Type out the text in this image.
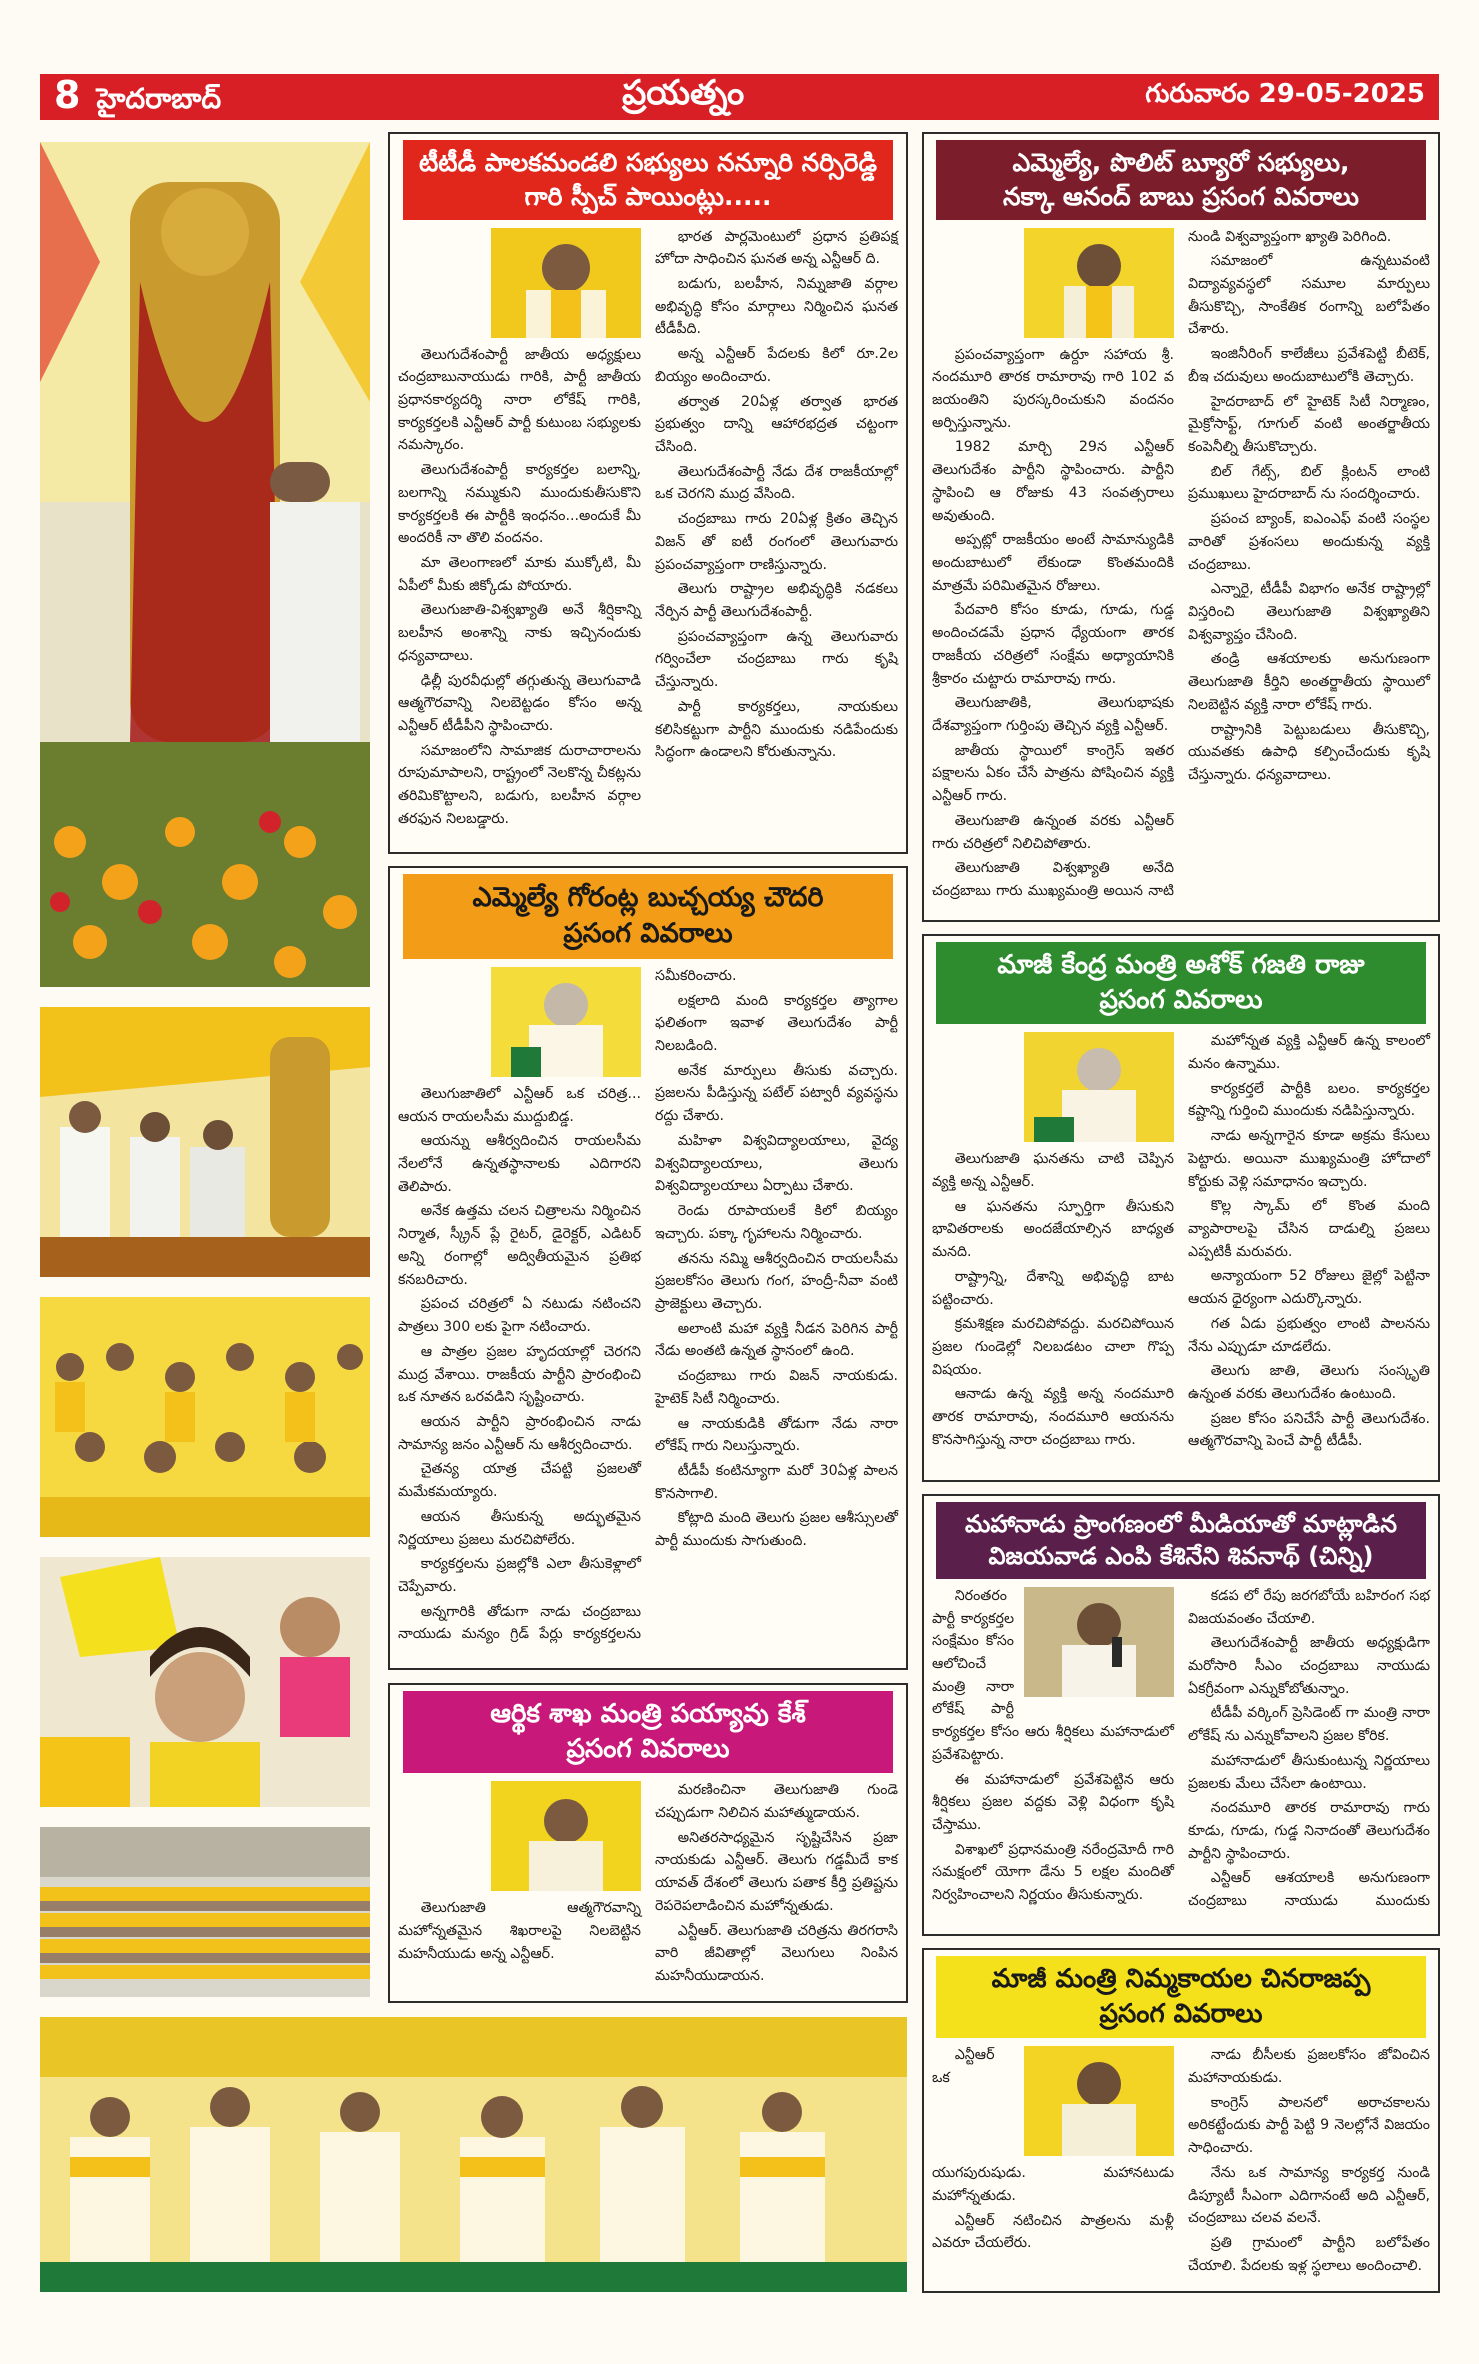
8 హైదరాబాద్	ప్రయత్నం	గురువారం 29-05-2025
టీటీడీ పాలకమండలి సభ్యులు నన్నూరి నర్సిరెడ్డి
గారి స్పీచ్ పాయింట్లు.....

తెలుగుదేశంపార్టీ జాతీయ అధ్యక్షులు చంద్రబాబునాయుడు గారికి, పార్టీ జాతీయ ప్రధానకార్యదర్శి నారా లోకేష్ గారికి, కార్యకర్తలకి ఎన్టీఆర్ పార్టీ కుటుంబ సభ్యులకు నమస్కారం.

తెలుగుదేశంపార్టీ కార్యకర్తల బలాన్ని, బలగాన్ని నమ్ముకుని ముందుకుతీసుకొని కార్యకర్తలకి ఈ పార్టీకి ఇంధనం...అందుకే మీ అందరికీ నా తొలి వందనం.

మా తెలంగాణలో మాకు ముక్కోటి, మీ ఏపీలో మీకు జిక్కోడు పోయారు.

తెలుగుజాతి-విశ్వఖ్యాతి అనే శీర్షికాన్ని బలహీన అంశాన్ని నాకు ఇచ్చినందుకు ధన్యవాదాలు.

ఢిల్లీ పురవీధుల్లో తగ్గుతున్న తెలుగువాడి ఆత్మగౌరవాన్ని నిలబెట్టడం కోసం అన్న ఎన్టీఆర్ టీడీపీని స్థాపించారు.

సమాజంలోని సామాజిక దురాచారాలను రూపుమాపాలని, రాష్ట్రంలో నెలకొన్న చీకట్లను తరిమికొట్టాలని, బడుగు, బలహీన వర్గాల తరఫున నిలబడ్డారు.

భారత పార్లమెంటులో ప్రధాన ప్రతిపక్ష హోదా సాధించిన ఘనత అన్న ఎన్టీఆర్ ది.

బడుగు, బలహీన, నిమ్నజాతి వర్గాల అభివృద్ధి కోసం మార్గాలు నిర్మించిన ఘనత టీడీపీది.

అన్న ఎన్టీఆర్ పేదలకు కిలో రూ.2ల బియ్యం అందించారు.

తర్వాత 20ఏళ్ల తర్వాత భారత ప్రభుత్వం దాన్ని ఆహారభద్రత చట్టంగా చేసింది.

తెలుగుదేశంపార్టీ నేడు దేశ రాజకీయాల్లో ఒక చెరగని ముద్ర వేసింది.

చంద్రబాబు గారు 20ఏళ్ల క్రితం తెచ్చిన విజన్ తో ఐటీ రంగంలో తెలుగువారు ప్రపంచవ్యాప్తంగా రాణిస్తున్నారు.

తెలుగు రాష్ట్రాల అభివృద్ధికి నడకలు నేర్పిన పార్టీ తెలుగుదేశంపార్టీ.

ప్రపంచవ్యాప్తంగా ఉన్న తెలుగువారు గర్వించేలా చంద్రబాబు గారు కృషి చేస్తున్నారు.

పార్టీ కార్యకర్తలు, నాయకులు కలిసికట్టుగా పార్టీని ముందుకు నడిపేందుకు సిద్ధంగా ఉండాలని కోరుతున్నాను.

ఎమ్మెల్యే గోరంట్ల బుచ్చయ్య చౌదరి
ప్రసంగ వివరాలు

తెలుగుజాతిలో ఎన్టీఆర్ ఒక చరిత్ర... ఆయన రాయలసీమ ముద్దుబిడ్డ.

ఆయన్ను ఆశీర్వదించిన రాయలసీమ నేలలోనే ఉన్నతస్థానాలకు ఎదిగారని తెలిపారు.

అనేక ఉత్తమ చలన చిత్రాలను నిర్మించిన నిర్మాత, స్క్రీన్ ప్లే రైటర్, డైరెక్టర్, ఎడిటర్ అన్ని రంగాల్లో అద్వితీయమైన ప్రతిభ కనబరిచారు.

ప్రపంచ చరిత్రలో ఏ నటుడు నటించని పాత్రలు 300 లకు పైగా నటించారు.

ఆ పాత్రల ప్రజల హృదయాల్లో చెరగని ముద్ర వేశాయి. రాజకీయ పార్టీని ప్రారంభించి ఒక నూతన ఒరవడిని సృష్టించారు.

ఆయన పార్టీని ప్రారంభించిన నాడు సామాన్య జనం ఎన్టీఆర్ ను ఆశీర్వదించారు.

చైతన్య యాత్ర చేపట్టి ప్రజలతో మమేకమయ్యారు.

ఆయన తీసుకున్న అద్భుతమైన నిర్ణయాలు ప్రజలు మరచిపోలేరు.

కార్యకర్తలను ప్రజల్లోకి ఎలా తీసుకెళ్లాలో చెప్పేవారు.

అన్నగారికి తోడుగా నాడు చంద్రబాబు నాయుడు మన్యం గ్రిడ్ పేర్లు కార్యకర్తలను సమీకరించారు.

లక్షలాది మంది కార్యకర్తల త్యాగాల ఫలితంగా ఇవాళ తెలుగుదేశం పార్టీ నిలబడింది.

అనేక మార్పులు తీసుకు వచ్చారు. ప్రజలను పీడిస్తున్న పటేల్ పట్వారీ వ్యవస్థను రద్దు చేశారు.

మహిళా విశ్వవిద్యాలయాలు, వైద్య విశ్వవిద్యాలయాలు, తెలుగు విశ్వవిద్యాలయాలు ఏర్పాటు చేశారు.

రెండు రూపాయలకే కిలో బియ్యం ఇచ్చారు. పక్కా గృహాలను నిర్మించారు.

తనను నమ్మి ఆశీర్వదించిన రాయలసీమ ప్రజలకోసం తెలుగు గంగ, హంద్రీ-నీవా వంటి ప్రాజెక్టులు తెచ్చారు.

అలాంటి మహా వ్యక్తి నీడన పెరిగిన పార్టీ నేడు అంతటి ఉన్నత స్థానంలో ఉంది.

చంద్రబాబు గారు విజన్ నాయకుడు. హైటెక్ సిటీ నిర్మించారు.

ఆ నాయకుడికి తోడుగా నేడు నారా లోకేష్ గారు నిలుస్తున్నారు.

టీడీపీ కంటిన్యూగా మరో 30ఏళ్ల పాలన కొనసాగాలి.

కోట్లాది మంది తెలుగు ప్రజల ఆశీస్సులతో పార్టీ ముందుకు సాగుతుంది.

ఆర్థిక శాఖ మంత్రి పయ్యావు కేశ్
ప్రసంగ వివరాలు

తెలుగుజాతి ఆత్మగౌరవాన్ని మహోన్నతమైన శిఖరాలపై నిలబెట్టిన మహనీయుడు అన్న ఎన్టీఆర్.

మరణించినా తెలుగుజాతి గుండె చప్పుడుగా నిలిచిన మహాత్ముడాయన.

అనితరసాధ్యమైన సృష్టిచేసిన ప్రజా నాయకుడు ఎన్టీఆర్. తెలుగు గడ్డమీదే కాక యావత్ దేశంలో తెలుగు పతాక కీర్తి ప్రతిష్టను రెపరెపలాడించిన మహోన్నతుడు.

ఎన్టీఆర్. తెలుగుజాతి చరిత్రను తిరగరాసి వారి జీవితాల్లో వెలుగులు నింపిన మహనీయుడాయన.

ఎమ్మెల్యే, పొలిట్ బ్యూరో సభ్యులు,
నక్కా ఆనంద్ బాబు ప్రసంగ వివరాలు

ప్రపంచవ్యాప్తంగా ఉర్దూ సహాయ శ్రీ. నందమూరి తారక రామారావు గారి 102 వ జయంతిని పురస్కరించుకుని వందనం అర్పిస్తున్నాను.

1982 మార్చి 29న ఎన్టీఆర్ తెలుగుదేశం పార్టీని స్థాపించారు. పార్టీని స్థాపించి ఆ రోజుకు 43 సంవత్సరాలు అవుతుంది.

అప్పట్లో రాజకీయం అంటే సామాన్యుడికి అందుబాటులో లేకుండా కొంతమందికి మాత్రమే పరిమితమైన రోజులు.

పేదవారి కోసం కూడు, గూడు, గుడ్డ అందించడమే ప్రధాన ధ్యేయంగా తారక రాజకీయ చరిత్రలో సంక్షేమ అధ్యాయానికి శ్రీకారం చుట్టారు రామారావు గారు.

తెలుగుజాతికి, తెలుగుభాషకు దేశవ్యాప్తంగా గుర్తింపు తెచ్చిన వ్యక్తి ఎన్టీఆర్.

జాతీయ స్థాయిలో కాంగ్రెస్ ఇతర పక్షాలను ఏకం చేసే పాత్రను పోషించిన వ్యక్తి ఎన్టీఆర్ గారు.

తెలుగుజాతి ఉన్నంత వరకు ఎన్టీఆర్ గారు చరిత్రలో నిలిచిపోతారు.

తెలుగుజాతి విశ్వఖ్యాతి అనేది చంద్రబాబు గారు ముఖ్యమంత్రి అయిన నాటి నుండి విశ్వవ్యాప్తంగా ఖ్యాతి పెరిగింది.

సమాజంలో ఉన్నటువంటి విద్యావ్యవస్థలో సమూల మార్పులు తీసుకొచ్చి, సాంకేతిక రంగాన్ని బలోపేతం చేశారు.

ఇంజినీరింగ్ కాలేజీలు ప్రవేశపెట్టి బీటెక్, బీఇ చదువులు అందుబాటులోకి తెచ్చారు.

హైదరాబాద్ లో హైటెక్ సిటీ నిర్మాణం, మైక్రోసాఫ్ట్, గూగుల్ వంటి అంతర్జాతీయ కంపెనీల్ని తీసుకొచ్చారు.

బిల్ గేట్స్, బిల్ క్లింటన్ లాంటి ప్రముఖులు హైదరాబాద్ ను సందర్శించారు.

ప్రపంచ బ్యాంక్, ఐఎంఎఫ్ వంటి సంస్థల వారితో ప్రశంసలు అందుకున్న వ్యక్తి చంద్రబాబు.

ఎన్నారై, టీడీపీ విభాగం అనేక రాష్ట్రాల్లో విస్తరించి తెలుగుజాతి విశ్వఖ్యాతిని విశ్వవ్యాప్తం చేసింది.

తండ్రి ఆశయాలకు అనుగుణంగా తెలుగుజాతి కీర్తిని అంతర్జాతీయ స్థాయిలో నిలబెట్టిన వ్యక్తి నారా లోకేష్ గారు.

రాష్ట్రానికి పెట్టుబడులు తీసుకొచ్చి, యువతకు ఉపాధి కల్పించేందుకు కృషి చేస్తున్నారు. ధన్యవాదాలు.

మాజీ కేంద్ర మంత్రి అశోక్ గజతి రాజు
ప్రసంగ వివరాలు

తెలుగుజాతి ఘనతను చాటి చెప్పిన వ్యక్తి అన్న ఎన్టీఆర్.

ఆ ఘనతను స్ఫూర్తిగా తీసుకుని భావితరాలకు అందజేయాల్సిన బాధ్యత మనది.

రాష్ట్రాన్ని, దేశాన్ని అభివృద్ధి బాట పట్టించారు.

క్రమశిక్షణ మరచిపోవద్దు. మరచిపోయిన ప్రజల గుండెల్లో నిలబడటం చాలా గొప్ప విషయం.

ఆనాడు ఉన్న వ్యక్తి అన్న నందమూరి తారక రామారావు, నందమూరి ఆయనను కొనసాగిస్తున్న నారా చంద్రబాబు గారు.

మహోన్నత వ్యక్తి ఎన్టీఆర్ ఉన్న కాలంలో మనం ఉన్నాము.

కార్యకర్తలే పార్టీకి బలం. కార్యకర్తల కష్టాన్ని గుర్తించి ముందుకు నడిపిస్తున్నారు.

నాడు అన్నగారైన కూడా అక్రమ కేసులు పెట్టారు. అయినా ముఖ్యమంత్రి హోదాలో కోర్టుకు వెళ్లి సమాధానం ఇచ్చారు.

కొల్ల స్కామ్ లో కొంత మంది వ్యాపారాలపై చేసిన దాడుల్ని ప్రజలు ఎప్పటికీ మరువరు.

అన్యాయంగా 52 రోజులు జైల్లో పెట్టినా ఆయన ధైర్యంగా ఎదుర్కొన్నారు.

గత ఏడు ప్రభుత్వం లాంటి పాలనను నేను ఎప్పుడూ చూడలేదు.

తెలుగు జాతి, తెలుగు సంస్కృతి ఉన్నంత వరకు తెలుగుదేశం ఉంటుంది.

ప్రజల కోసం పనిచేసే పార్టీ తెలుగుదేశం. ఆత్మగౌరవాన్ని పెంచే పార్టీ టీడీపీ.

మహానాడు ప్రాంగణంలో మీడియాతో మాట్లాడిన
విజయవాడ ఎంపి కేశినేని శివనాథ్ (చిన్ని)

నిరంతరం పార్టీ కార్యకర్తల సంక్షేమం కోసం ఆలోచించే మంత్రి నారా లోకేష్ పార్టీ కార్యకర్తల కోసం ఆరు శీర్షికలు మహానాడులో ప్రవేశపెట్టారు.

ఈ మహానాడులో ప్రవేశపెట్టిన ఆరు శీర్షికలు ప్రజల వద్దకు వెళ్లి విధంగా కృషి చేస్తాము.

విశాఖలో ప్రధానమంత్రి నరేంద్రమోదీ గారి సమక్షంలో యోగా డేను 5 లక్షల మందితో నిర్వహించాలని నిర్ణయం తీసుకున్నారు.

కడప లో రేపు జరగబోయే బహిరంగ సభ విజయవంతం చేయాలి.

తెలుగుదేశంపార్టీ జాతీయ అధ్యక్షుడిగా మరోసారి సీఎం చంద్రబాబు నాయుడు ఏకగ్రీవంగా ఎన్నుకోబోతున్నాం.

టీడీపీ వర్కింగ్ ప్రెసిడెంట్ గా మంత్రి నారా లోకేష్ ను ఎన్నుకోవాలని ప్రజల కోరిక.

మహానాడులో తీసుకుంటున్న నిర్ణయాలు ప్రజలకు మేలు చేసేలా ఉంటాయి.

నందమూరి తారక రామారావు గారు కూడు, గూడు, గుడ్డ నినాదంతో తెలుగుదేశం పార్టీని స్థాపించారు.

ఎన్టీఆర్ ఆశయాలకి అనుగుణంగా చంద్రబాబు నాయుడు ముందుకు

మాజీ మంత్రి నిమ్మకాయల చినరాజప్ప
ప్రసంగ వివరాలు

ఎన్టీఆర్ ఒక యుగపురుషుడు. మహానటుడు మహోన్నతుడు.

ఎన్టీఆర్ నటించిన పాత్రలను మళ్లీ ఎవరూ చేయలేరు.

నాడు బీసీలకు ప్రజలకోసం జోవించిన మహానాయకుడు.

కాంగ్రెస్ పాలనలో అరాచకాలను అరికట్టేందుకు పార్టీ పెట్టి 9 నెలల్లోనే విజయం సాధించారు.

నేను ఒక సామాన్య కార్యకర్త నుండి డిప్యూటీ సీఎంగా ఎదిగానంటే అది ఎన్టీఆర్, చంద్రబాబు చలవ వలనే.

ప్రతి గ్రామంలో పార్టీని బలోపేతం చేయాలి. పేదలకు ఇళ్ల స్థలాలు అందించాలి.
